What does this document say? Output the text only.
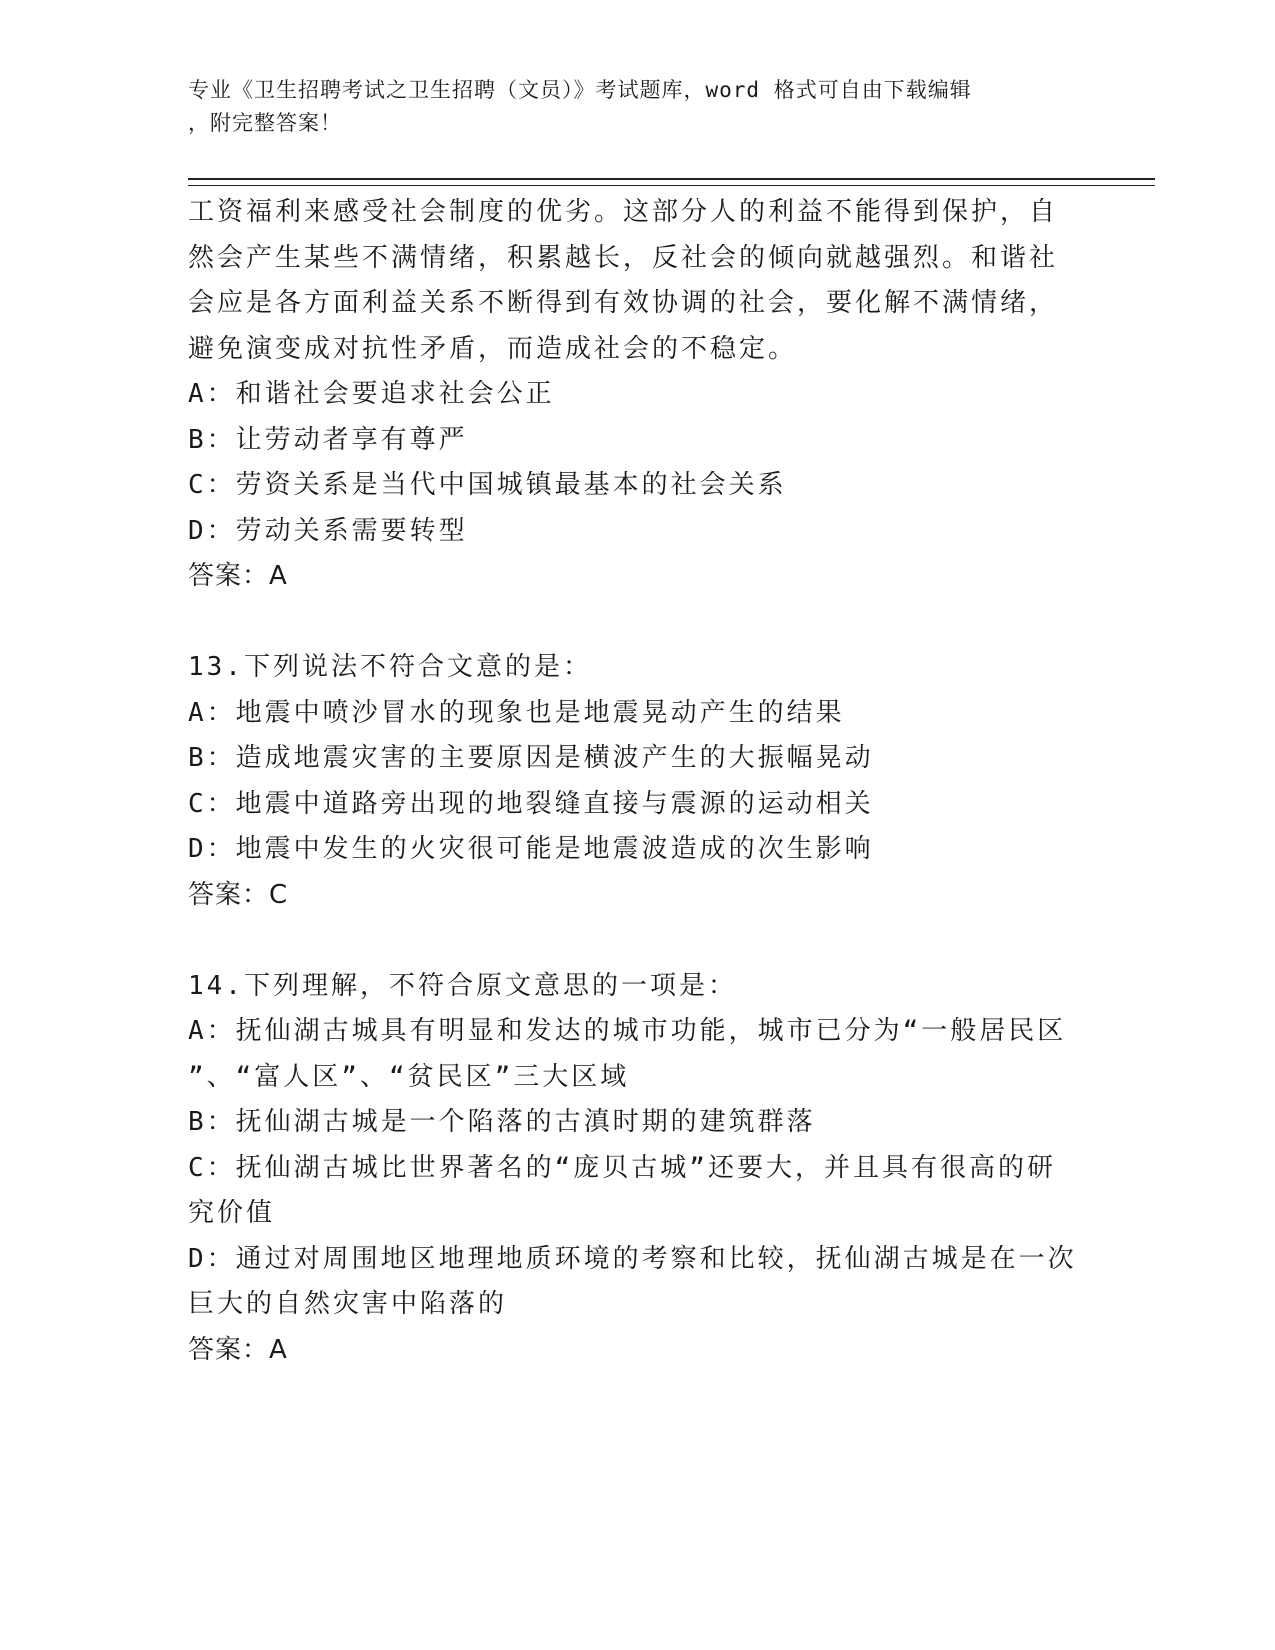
专业《卫生招聘考试之卫生招聘（文员）》考试题库，word 格式可自由下载编辑
，附完整答案！
工资福利来感受社会制度的优劣。这部分人的利益不能得到保护，自
然会产生某些不满情绪，积累越长，反社会的倾向就越强烈。和谐社
会应是各方面利益关系不断得到有效协调的社会，要化解不满情绪，
避免演变成对抗性矛盾，而造成社会的不稳定。
A：和谐社会要追求社会公正
B：让劳动者享有尊严
C：劳资关系是当代中国城镇最基本的社会关系
D：劳动关系需要转型
答案：A
13.下列说法不符合文意的是：
A：地震中喷沙冒水的现象也是地震晃动产生的结果
B：造成地震灾害的主要原因是横波产生的大振幅晃动
C：地震中道路旁出现的地裂缝直接与震源的运动相关
D：地震中发生的火灾很可能是地震波造成的次生影响
答案：C
14.下列理解，不符合原文意思的一项是：
A：抚仙湖古城具有明显和发达的城市功能，城市已分为“一般居民区
”、“富人区”、“贫民区”三大区域
B：抚仙湖古城是一个陷落的古滇时期的建筑群落
C：抚仙湖古城比世界著名的“庞贝古城”还要大，并且具有很高的研
究价值
D：通过对周围地区地理地质环境的考察和比较，抚仙湖古城是在一次
巨大的自然灾害中陷落的
答案：A
